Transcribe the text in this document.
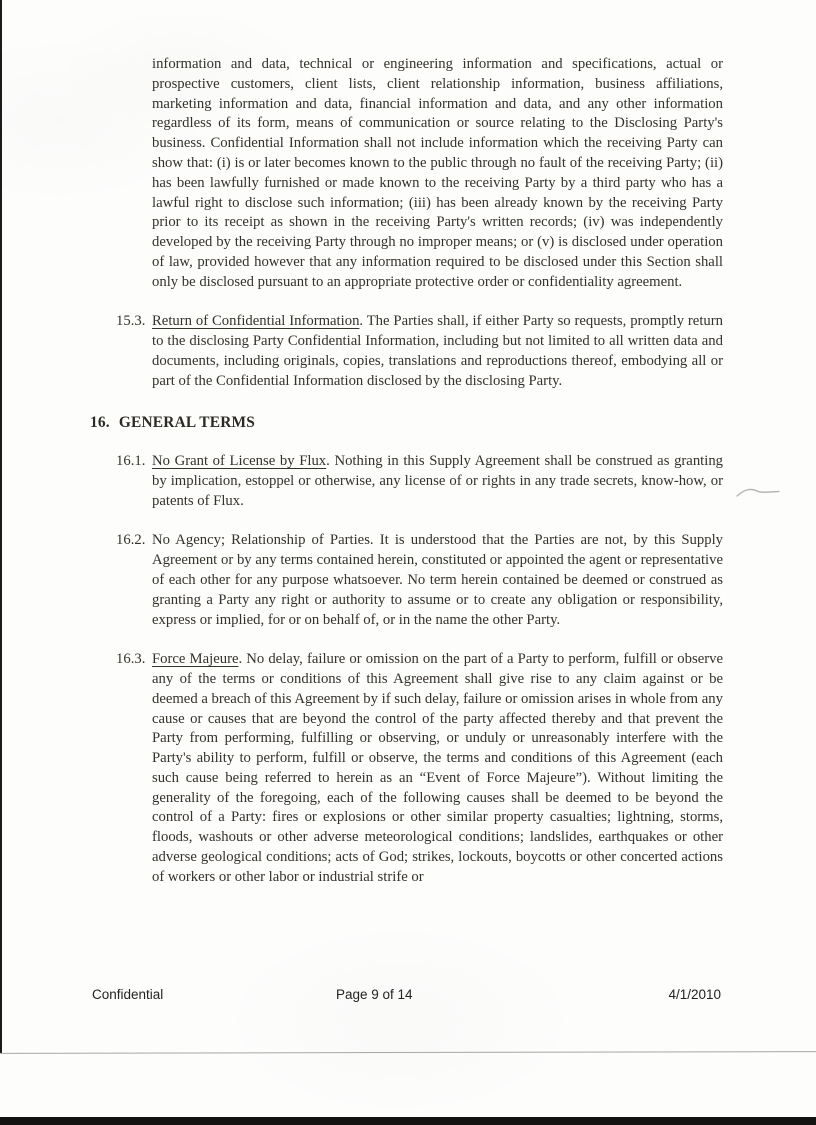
information and data, technical or engineering information and specifications, actual or prospective customers, client lists, client relationship information, business affiliations, marketing information and data, financial information and data, and any other information regardless of its form, means of communication or source relating to the Disclosing Party's business. Confidential Information shall not include information which the receiving Party can show that: (i) is or later becomes known to the public through no fault of the receiving Party; (ii) has been lawfully furnished or made known to the receiving Party by a third party who has a lawful right to disclose such information; (iii) has been already known by the receiving Party prior to its receipt as shown in the receiving Party's written records; (iv) was independently developed by the receiving Party through no improper means; or (v) is disclosed under operation of law, provided however that any information required to be disclosed under this Section shall only be disclosed pursuant to an appropriate protective order or confidentiality agreement.

15.3. Return of Confidential Information. The Parties shall, if either Party so requests, promptly return to the disclosing Party Confidential Information, including but not limited to all written data and documents, including originals, copies, translations and reproductions thereof, embodying all or part of the Confidential Information disclosed by the disclosing Party.

16. GENERAL TERMS

16.1. No Grant of License by Flux. Nothing in this Supply Agreement shall be construed as granting by implication, estoppel or otherwise, any license of or rights in any trade secrets, know-how, or patents of Flux.

16.2. No Agency; Relationship of Parties. It is understood that the Parties are not, by this Supply Agreement or by any terms contained herein, constituted or appointed the agent or representative of each other for any purpose whatsoever. No term herein contained be deemed or construed as granting a Party any right or authority to assume or to create any obligation or responsibility, express or implied, for or on behalf of, or in the name the other Party.

16.3. Force Majeure. No delay, failure or omission on the part of a Party to perform, fulfill or observe any of the terms or conditions of this Agreement shall give rise to any claim against or be deemed a breach of this Agreement by if such delay, failure or omission arises in whole from any cause or causes that are beyond the control of the party affected thereby and that prevent the Party from performing, fulfilling or observing, or unduly or unreasonably interfere with the Party's ability to perform, fulfill or observe, the terms and conditions of this Agreement (each such cause being referred to herein as an “Event of Force Majeure”). Without limiting the generality of the foregoing, each of the following causes shall be deemed to be beyond the control of a Party: fires or explosions or other similar property casualties; lightning, storms, floods, washouts or other adverse meteorological conditions; landslides, earthquakes or other adverse geological conditions; acts of God; strikes, lockouts, boycotts or other concerted actions of workers or other labor or industrial strife or

Confidential	Page 9 of 14	4/1/2010
